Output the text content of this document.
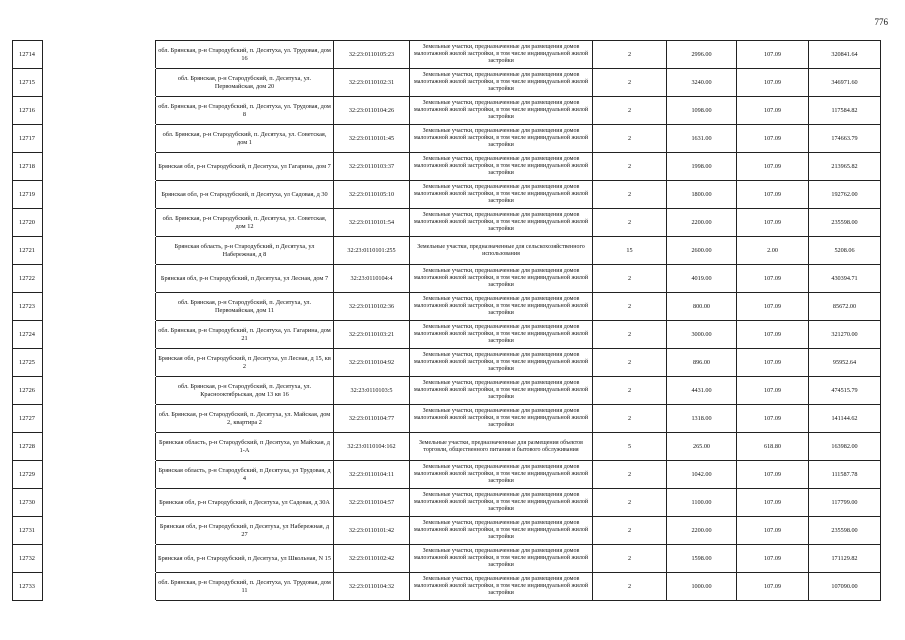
776
12714		обл. Брянская, р-н Стародубский, п. Десятуха, ул. Трудовая, дом 16	32:23:0110105:23	Земельные участки, предназначенные для размещения домов малоэтажной жилой застройки, в том числе индивидуальной жилой застройки	2	2996.00	107.09	320841.64
12715		обл. Брянская, р-н Стародубский, п. Десятуха, ул. Первомайская, дом 20	32:23:0110102:31	Земельные участки, предназначенные для размещения домов малоэтажной жилой застройки, в том числе индивидуальной жилой застройки	2	3240.00	107.09	346971.60
12716		обл. Брянская, р-н Стародубский, п. Десятуха, ул. Трудовая, дом 8	32:23:0110104:26	Земельные участки, предназначенные для размещения домов малоэтажной жилой застройки, в том числе индивидуальной жилой застройки	2	1098.00	107.09	117584.82
12717		обл. Брянская, р-н Стародубский, п. Десятуха, ул. Советская, дом 1	32:23:0110101:45	Земельные участки, предназначенные для размещения домов малоэтажной жилой застройки, в том числе индивидуальной жилой застройки	2	1631.00	107.09	174663.79
12718		Брянская обл, р-н Стародубский, п Десятуха, ул Гагарина, дом 7	32:23:0110103:37	Земельные участки, предназначенные для размещения домов малоэтажной жилой застройки, в том числе индивидуальной жилой застройки	2	1998.00	107.09	213965.82
12719		Брянская обл, р-н Стародубский, п Десятуха, ул Садовая, д 30	32:23:0110105:10	Земельные участки, предназначенные для размещения домов малоэтажной жилой застройки, в том числе индивидуальной жилой застройки	2	1800.00	107.09	192762.00
12720		обл. Брянская, р-н Стародубский, п. Десятуха, ул. Советская, дом 12	32:23:0110101:54	Земельные участки, предназначенные для размещения домов малоэтажной жилой застройки, в том числе индивидуальной жилой застройки	2	2200.00	107.09	235598.00
12721		Брянская область, р-н Стародубский, п Десятуха, ул Набережная, д 8	32:23:0110101:255	Земельные участки, предназначенные для сельскохозяйственного использования	15	2600.00	2.00	5208.06
12722		Брянская обл, р-н Стародубский, п Десятуха, ул Лесная, дом 7	32:23:0110104:4	Земельные участки, предназначенные для размещения домов малоэтажной жилой застройки, в том числе индивидуальной жилой застройки	2	4019.00	107.09	430394.71
12723		обл. Брянская, р-н Стародубский, п. Десятуха, ул. Первомайская, дом 11	32:23:0110102:36	Земельные участки, предназначенные для размещения домов малоэтажной жилой застройки, в том числе индивидуальной жилой застройки	2	800.00	107.09	85672.00
12724		обл. Брянская, р-н Стародубский, п. Десятуха, ул. Гагарина, дом 21	32:23:0110103:21	Земельные участки, предназначенные для размещения домов малоэтажной жилой застройки, в том числе индивидуальной жилой застройки	2	3000.00	107.09	321270.00
12725		Брянская обл, р-н Стародубский, п Десятуха, ул Лесная, д 15, кв 2	32:23:0110104:92	Земельные участки, предназначенные для размещения домов малоэтажной жилой застройки, в том числе индивидуальной жилой застройки	2	896.00	107.09	95952.64
12726		обл. Брянская, р-н Стародубский, п. Десятуха, ул. Краснооктябрьская, дом 13 кв 16	32:23:0110103:5	Земельные участки, предназначенные для размещения домов малоэтажной жилой застройки, в том числе индивидуальной жилой застройки	2	4431.00	107.09	474515.79
12727		обл. Брянская, р-н Стародубский, п. Десятуха, ул. Майская, дом 2, квартира 2	32:23:0110104:77	Земельные участки, предназначенные для размещения домов малоэтажной жилой застройки, в том числе индивидуальной жилой застройки	2	1318.00	107.09	141144.62
12728		Брянская область, р-н Стародубский, п Десятуха, ул Майская, д 1-А	32:23:0110104:162	Земельные участки, предназначенные для размещения объектов торговли, общественного питания и бытового обслуживания	5	265.00	618.80	163982.00
12729		Брянская область, р-н Стародубский, п Десятуха, ул Трудовая, д 4	32:23:0110104:11	Земельные участки, предназначенные для размещения домов малоэтажной жилой застройки, в том числе индивидуальной жилой застройки	2	1042.00	107.09	111587.78
12730		Брянская обл, р-н Стародубский, п Десятуха, ул Садовая, д 30А	32:23:0110104:57	Земельные участки, предназначенные для размещения домов малоэтажной жилой застройки, в том числе индивидуальной жилой застройки	2	1100.00	107.09	117799.00
12731		Брянская обл, р-н Стародубский, п Десятуха, ул Набережная, д 27	32:23:0110101:42	Земельные участки, предназначенные для размещения домов малоэтажной жилой застройки, в том числе индивидуальной жилой застройки	2	2200.00	107.09	235598.00
12732		Брянская обл, р-н Стародубский, п Десятуха, ул Школьная, N 15	32:23:0110102:42	Земельные участки, предназначенные для размещения домов малоэтажной жилой застройки, в том числе индивидуальной жилой застройки	2	1598.00	107.09	171129.82
12733		обл. Брянская, р-н Стародубский, п. Десятуха, ул. Трудовая, дом 11	32:23:0110104:32	Земельные участки, предназначенные для размещения домов малоэтажной жилой застройки, в том числе индивидуальной жилой застройки	2	1000.00	107.09	107090.00
